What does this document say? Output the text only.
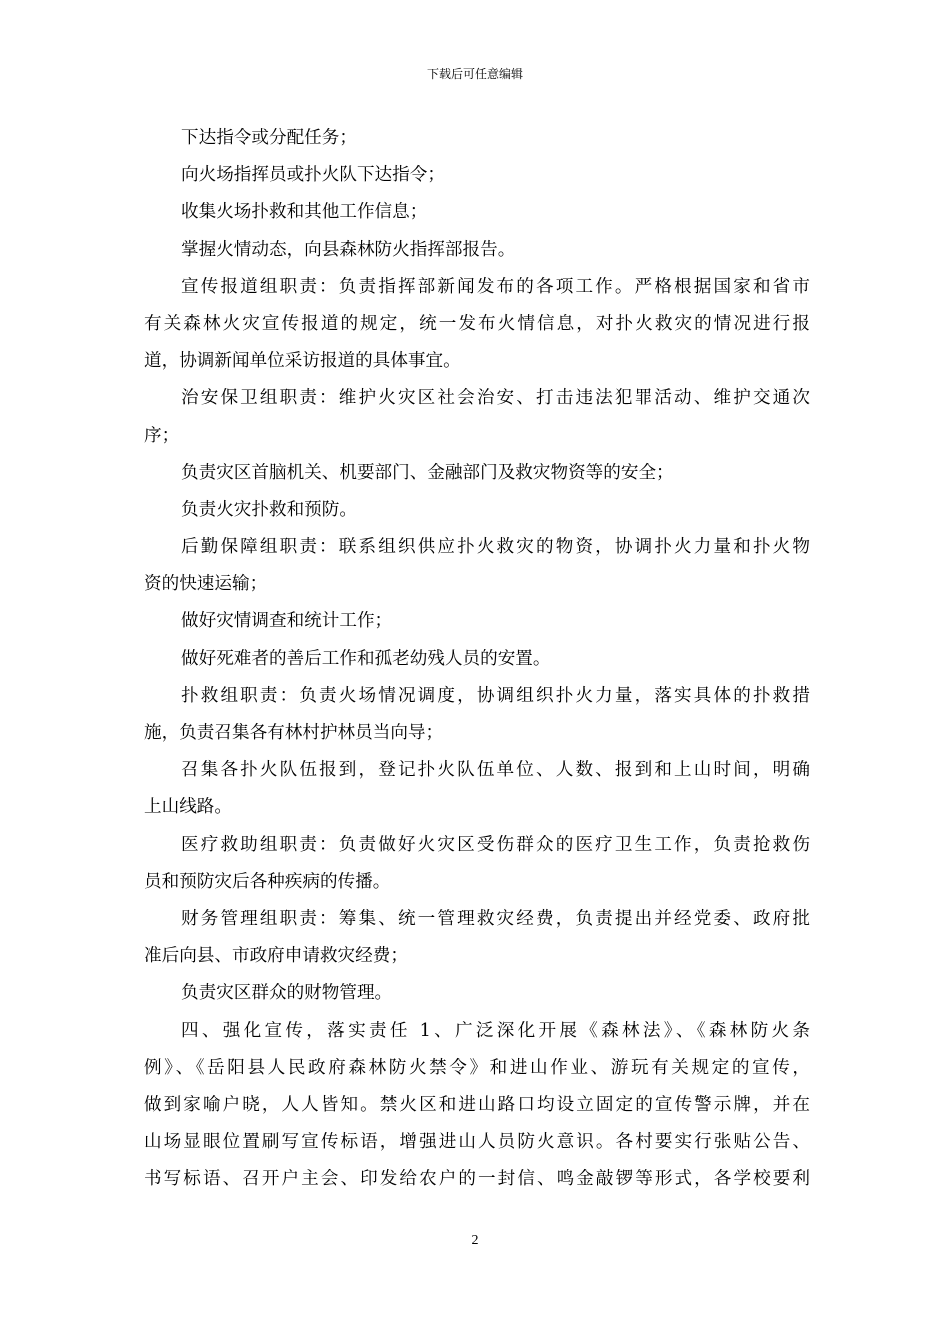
下载后可任意编辑
下达指令或分配任务；
向火场指挥员或扑火队下达指令；
收集火场扑救和其他工作信息；
掌握火情动态，向县森林防火指挥部报告。
宣传报道组职责：负责指挥部新闻发布的各项工作。严格根据国家和省市
有关森林火灾宣传报道的规定，统一发布火情信息，对扑火救灾的情况进行报
道，协调新闻单位采访报道的具体事宜。
治安保卫组职责：维护火灾区社会治安、打击违法犯罪活动、维护交通次
序；
负责灾区首脑机关、机要部门、金融部门及救灾物资等的安全；
负责火灾扑救和预防。
后勤保障组职责：联系组织供应扑火救灾的物资，协调扑火力量和扑火物
资的快速运输；
做好灾情调查和统计工作；
做好死难者的善后工作和孤老幼残人员的安置。
扑救组职责：负责火场情况调度，协调组织扑火力量，落实具体的扑救措
施，负责召集各有林村护林员当向导；
召集各扑火队伍报到，登记扑火队伍单位、人数、报到和上山时间，明确
上山线路。
医疗救助组职责：负责做好火灾区受伤群众的医疗卫生工作，负责抢救伤
员和预防灾后各种疾病的传播。
财务管理组职责：筹集、统一管理救灾经费，负责提出并经党委、政府批
准后向县、市政府申请救灾经费；
负责灾区群众的财物管理。
四、强化宣传，落实责任 1、广泛深化开展《森林法》、《森林防火条
例》、《岳阳县人民政府森林防火禁令》和进山作业、游玩有关规定的宣传，
做到家喻户晓，人人皆知。禁火区和进山路口均设立固定的宣传警示牌，并在
山场显眼位置刷写宣传标语，增强进山人员防火意识。各村要实行张贴公告、
书写标语、召开户主会、印发给农户的一封信、鸣金敲锣等形式，各学校要利
2
